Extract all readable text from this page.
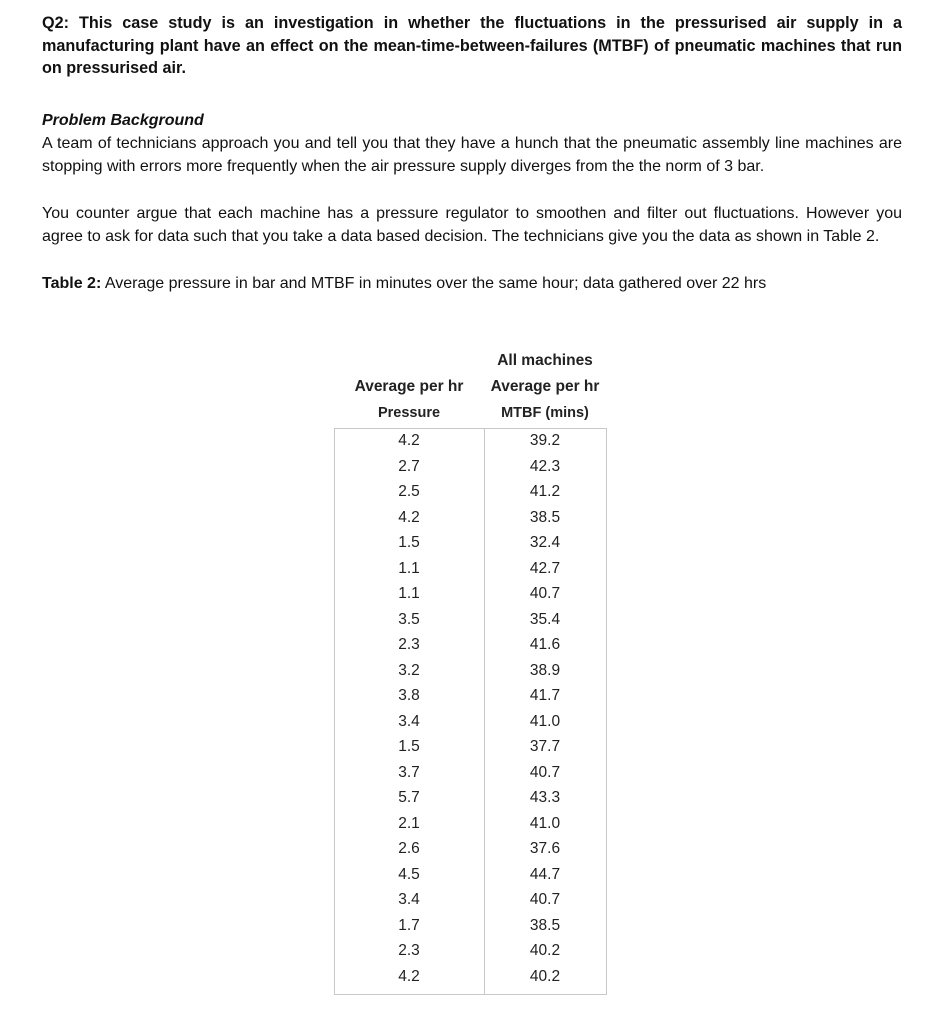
Q2: This case study is an investigation in whether the fluctuations in the pressurised air supply in a manufacturing plant have an effect on the mean-time-between-failures (MTBF) of pneumatic machines that run on pressurised air.

Problem Background

A team of technicians approach you and tell you that they have a hunch that the pneumatic assembly line machines are stopping with errors more frequently when the air pressure supply diverges from the the norm of 3 bar.

You counter argue that each machine has a pressure regulator to smoothen and filter out fluctuations. However you agree to ask for data such that you take a data based decision. The technicians give you the data as shown in Table 2.

Table 2: Average pressure in bar and MTBF in minutes over the same hour; data gathered over 22 hrs
All machines
Average per hr	Average per hr
Pressure	MTBF (mins)
4.2	39.2
2.7	42.3
2.5	41.2
4.2	38.5
1.5	32.4
1.1	42.7
1.1	40.7
3.5	35.4
2.3	41.6
3.2	38.9
3.8	41.7
3.4	41.0
1.5	37.7
3.7	40.7
5.7	43.3
2.1	41.0
2.6	37.6
4.5	44.7
3.4	40.7
1.7	38.5
2.3	40.2
4.2	40.2
